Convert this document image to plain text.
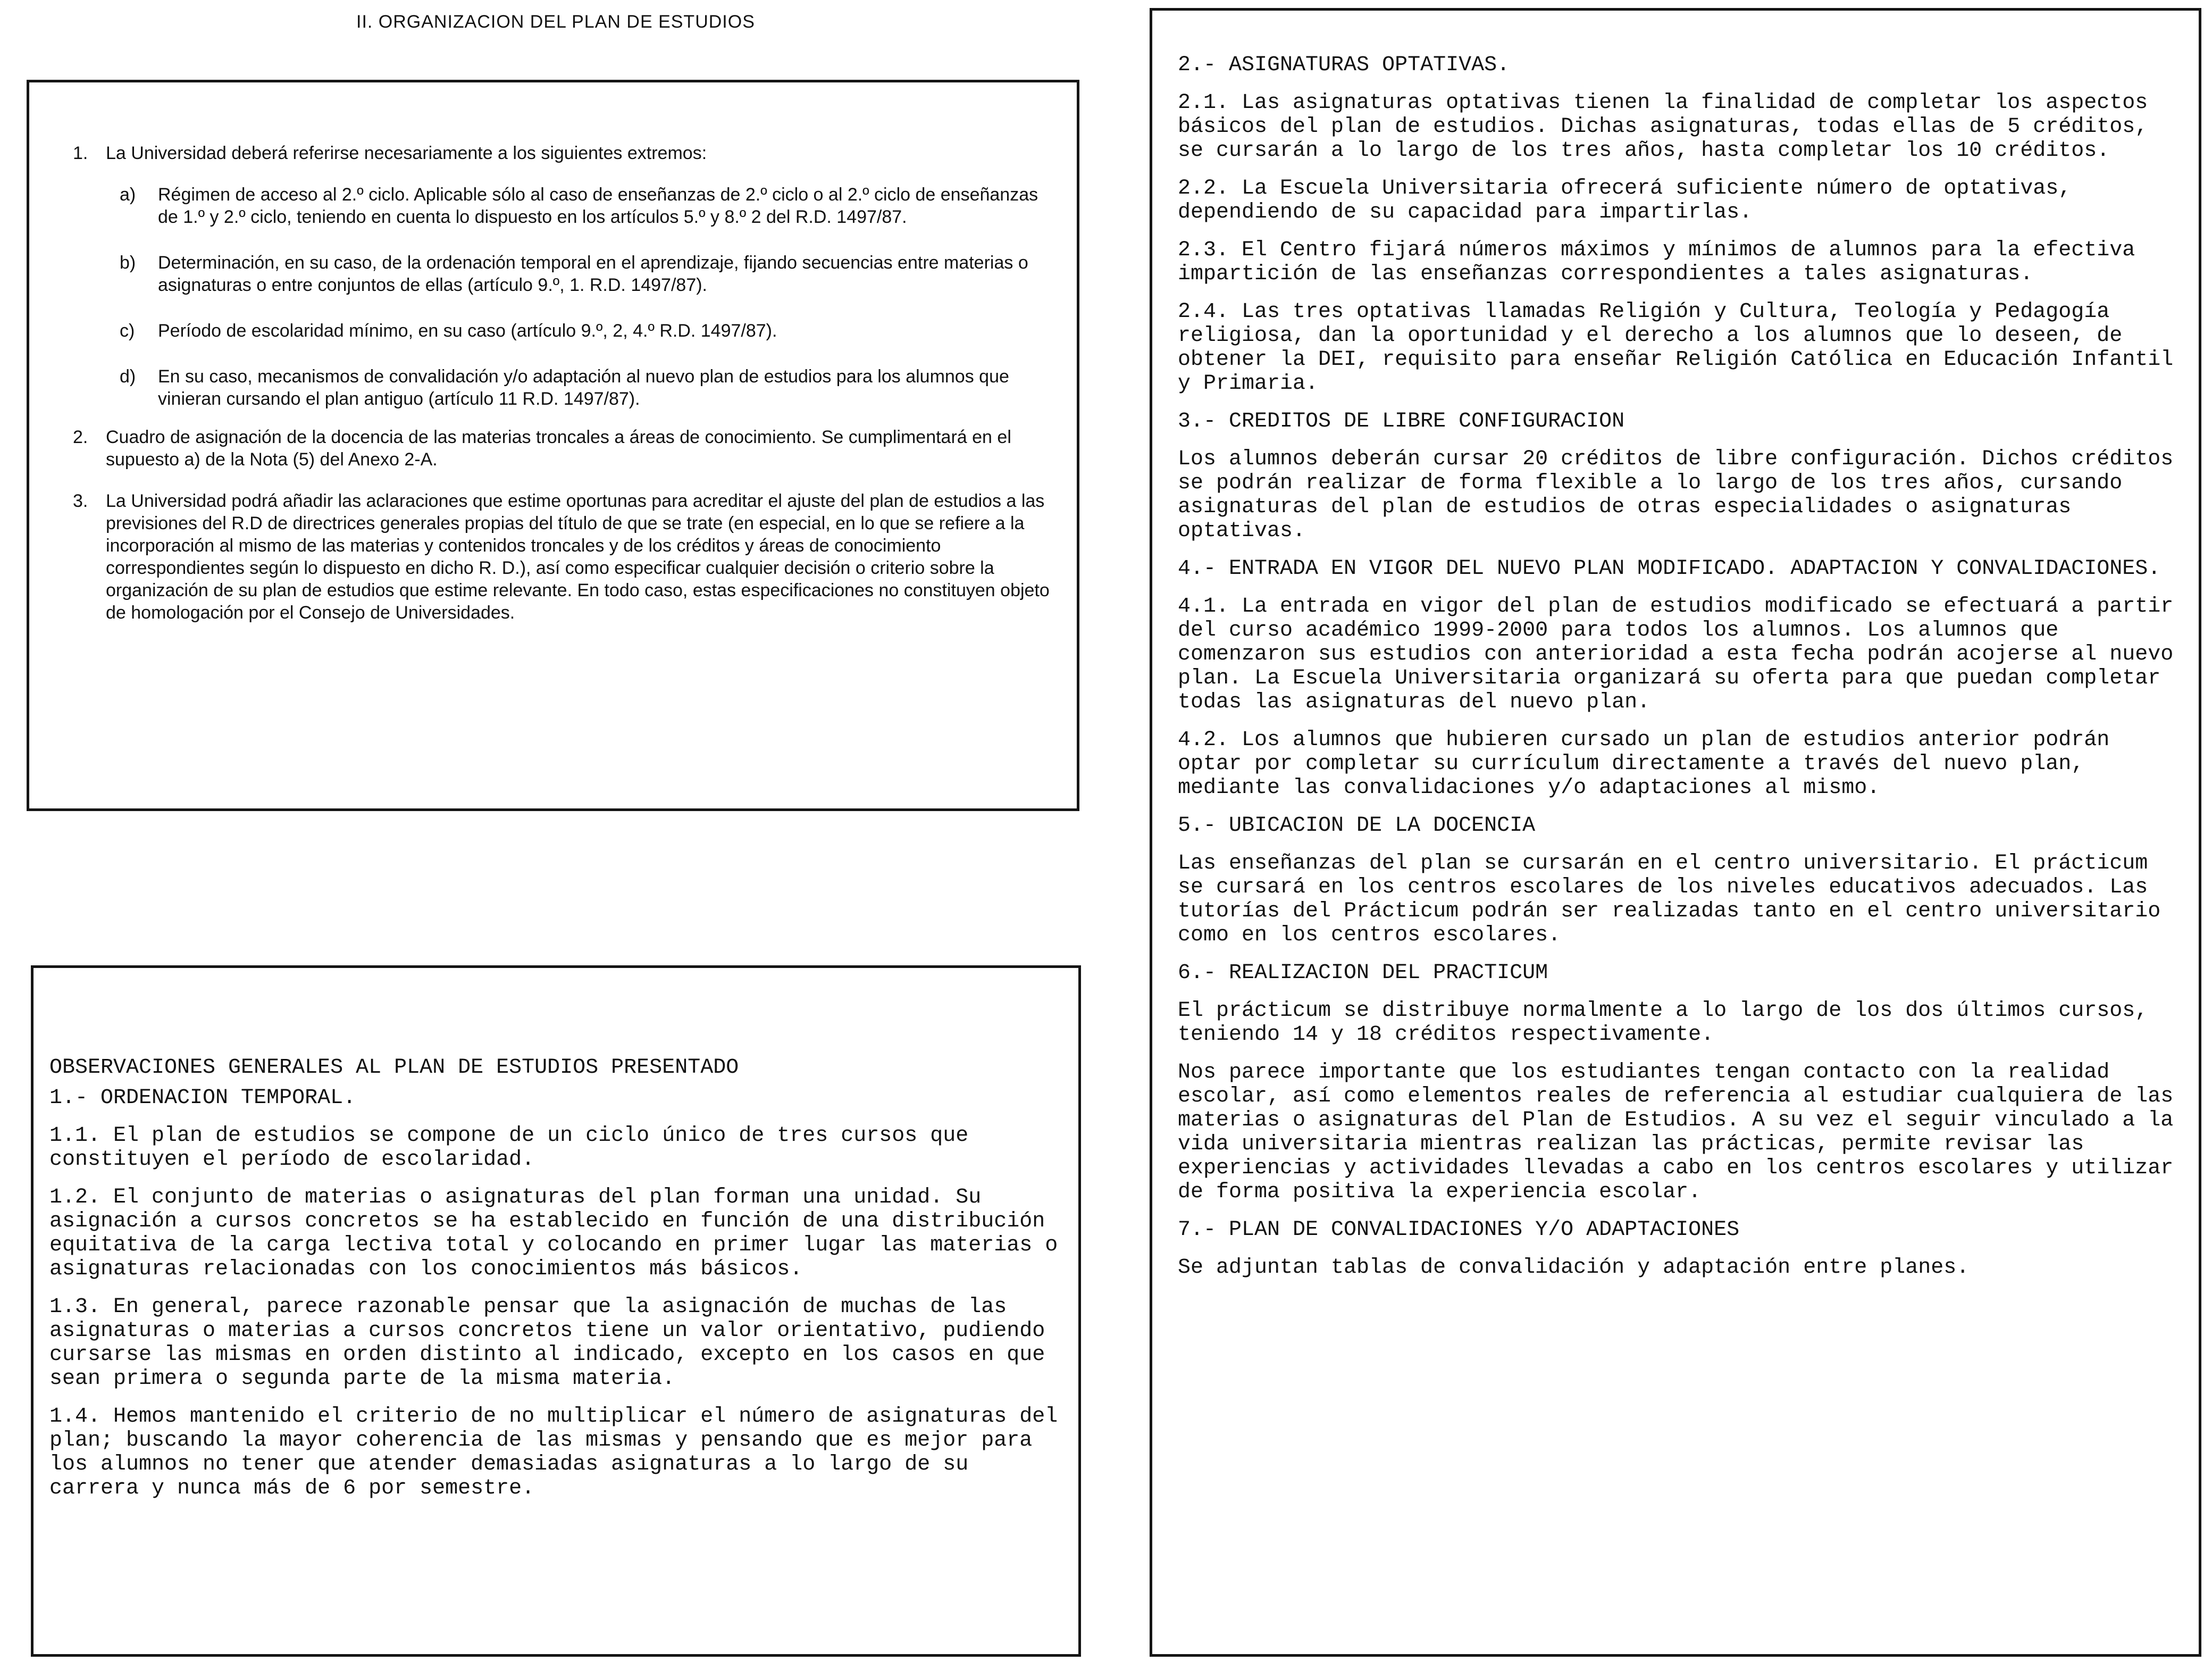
II. ORGANIZACION DEL PLAN DE ESTUDIOS
1. La Universidad deberá referirse necesariamente a los siguientes extremos:
a) Régimen de acceso al 2.º ciclo. Aplicable sólo al caso de enseñanzas de 2.º ciclo o al 2.º ciclo de enseñanzas de 1.º y 2.º ciclo, teniendo en cuenta lo dispuesto en los artículos 5.º y 8.º 2 del R.D. 1497/87.
b) Determinación, en su caso, de la ordenación temporal en el aprendizaje, fijando secuencias entre materias o asignaturas o entre conjuntos de ellas (artículo 9.º, 1. R.D. 1497/87).
c) Período de escolaridad mínimo, en su caso (artículo 9.º, 2, 4.º R.D. 1497/87).
d) En su caso, mecanismos de convalidación y/o adaptación al nuevo plan de estudios para los alumnos que vinieran cursando el plan antiguo (artículo 11 R.D. 1497/87).
2. Cuadro de asignación de la docencia de las materias troncales a áreas de conocimiento. Se cumplimentará en el supuesto a) de la Nota (5) del Anexo 2-A.
3. La Universidad podrá añadir las aclaraciones que estime oportunas para acreditar el ajuste del plan de estudios a las previsiones del R.D de directrices generales propias del título de que se trate (en especial, en lo que se refiere a la incorporación al mismo de las materias y contenidos troncales y de los créditos y áreas de conocimiento correspondientes según lo dispuesto en dicho R. D.), así como especificar cualquier decisión o criterio sobre la organización de su plan de estudios que estime relevante. En todo caso, estas especificaciones no constituyen objeto de homologación por el Consejo de Universidades.
OBSERVACIONES GENERALES AL PLAN DE ESTUDIOS PRESENTADO
1.- ORDENACION TEMPORAL.

1.1. El plan de estudios se compone de un ciclo único de tres cursos que constituyen el período de escolaridad.

1.2. El conjunto de materias o asignaturas del plan forman una unidad. Su asignación a cursos concretos se ha establecido en función de una distribución equitativa de la carga lectiva total y colocando en primer lugar las materias o asignaturas relacionadas con los conocimientos más básicos.

1.3. En general, parece razonable pensar que la asignación de muchas de las asignaturas o materias a cursos concretos tiene un valor orientativo, pudiendo cursarse las mismas en orden distinto al indicado, excepto en los casos en que sean primera o segunda parte de la misma materia.

1.4. Hemos mantenido el criterio de no multiplicar el número de asignaturas del plan; buscando la mayor coherencia de las mismas y pensando que es mejor para los alumnos no tener que atender demasiadas asignaturas a lo largo de su carrera y nunca más de 6 por semestre.

2.- ASIGNATURAS OPTATIVAS.

2.1. Las asignaturas optativas tienen la finalidad de completar los aspectos básicos del plan de estudios. Dichas asignaturas, todas ellas de 5 créditos, se cursarán a lo largo de los tres años, hasta completar los 10 créditos.

2.2. La Escuela Universitaria ofrecerá suficiente número de optativas, dependiendo de su capacidad para impartirlas.

2.3. El Centro fijará números máximos y mínimos de alumnos para la efectiva impartición de las enseñanzas correspondientes a tales asignaturas.

2.4. Las tres optativas llamadas Religión y Cultura, Teología y Pedagogía religiosa, dan la oportunidad y el derecho a los alumnos que lo deseen, de obtener la DEI, requisito para enseñar Religión Católica en Educación Infantil y Primaria.

3.- CREDITOS DE LIBRE CONFIGURACION

Los alumnos deberán cursar 20 créditos de libre configuración. Dichos créditos se podrán realizar de forma flexible a lo largo de los tres años, cursando asignaturas del plan de estudios de otras especialidades o asignaturas optativas.

4.- ENTRADA EN VIGOR DEL NUEVO PLAN MODIFICADO. ADAPTACION Y CONVALIDACIONES.

4.1. La entrada en vigor del plan de estudios modificado se efectuará a partir del curso académico 1999-2000 para todos los alumnos. Los alumnos que comenzaron sus estudios con anterioridad a esta fecha podrán acojerse al nuevo plan. La Escuela Universitaria organizará su oferta para que puedan completar todas las asignaturas del nuevo plan.

4.2. Los alumnos que hubieren cursado un plan de estudios anterior podrán optar por completar su currículum directamente a través del nuevo plan, mediante las convalidaciones y/o adaptaciones al mismo.

5.- UBICACION DE LA DOCENCIA

Las enseñanzas del plan se cursarán en el centro universitario. El prácticum se cursará en los centros escolares de los niveles educativos adecuados. Las tutorías del Prácticum podrán ser realizadas tanto en el centro universitario como en los centros escolares.

6.- REALIZACION DEL PRACTICUM

El prácticum se distribuye normalmente a lo largo de los dos últimos cursos, teniendo 14 y 18 créditos respectivamente.

Nos parece importante que los estudiantes tengan contacto con la realidad escolar, así como elementos reales de referencia al estudiar cualquiera de las materias o asignaturas del Plan de Estudios. A su vez el seguir vinculado a la vida universitaria mientras realizan las prácticas, permite revisar las experiencias y actividades llevadas a cabo en los centros escolares y utilizar de forma positiva la experiencia escolar.

7.- PLAN DE CONVALIDACIONES Y/O ADAPTACIONES

Se adjuntan tablas de convalidación y adaptación entre planes.
